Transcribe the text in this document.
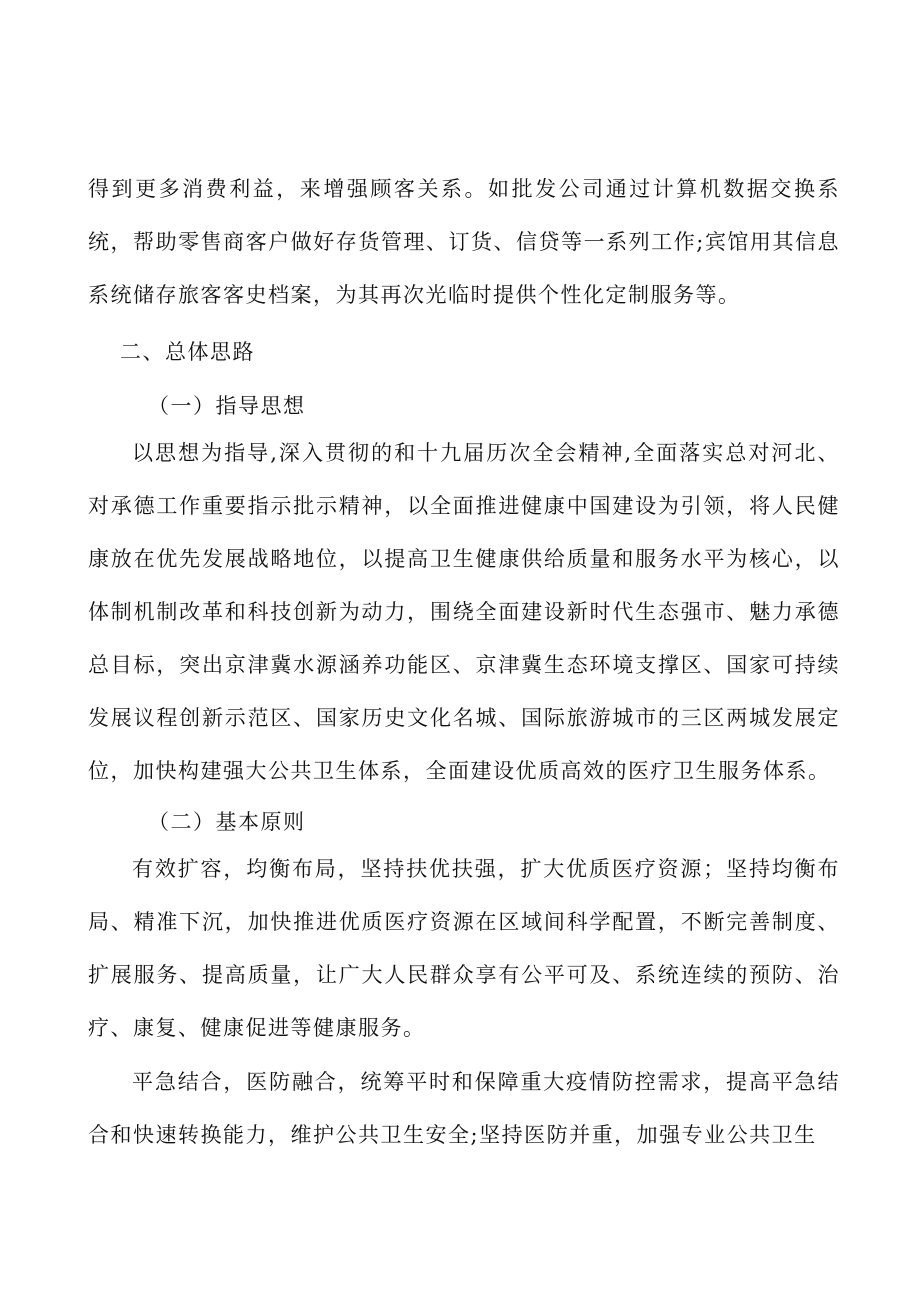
得到更多消费利益，来增强顾客关系。如批发公司通过计算机数据交换系统，帮助零售商客户做好存货管理、订货、信贷等一系列工作;宾馆用其信息系统储存旅客客史档案，为其再次光临时提供个性化定制服务等。

二、总体思路

（一）指导思想

以思想为指导,深入贯彻的和十九届历次全会精神,全面落实总对河北、对承德工作重要指示批示精神，以全面推进健康中国建设为引领，将人民健康放在优先发展战略地位，以提高卫生健康供给质量和服务水平为核心，以体制机制改革和科技创新为动力，围绕全面建设新时代生态强市、魅力承德总目标，突出京津冀水源涵养功能区、京津冀生态环境支撑区、国家可持续发展议程创新示范区、国家历史文化名城、国际旅游城市的三区两城发展定位，加快构建强大公共卫生体系，全面建设优质高效的医疗卫生服务体系。

（二）基本原则

有效扩容，均衡布局，坚持扶优扶强，扩大优质医疗资源；坚持均衡布局、精准下沉，加快推进优质医疗资源在区域间科学配置，不断完善制度、扩展服务、提高质量，让广大人民群众享有公平可及、系统连续的预防、治疗、康复、健康促进等健康服务。

平急结合，医防融合，统筹平时和保障重大疫情防控需求，提高平急结合和快速转换能力，维护公共卫生安全;坚持医防并重，加强专业公共卫生
